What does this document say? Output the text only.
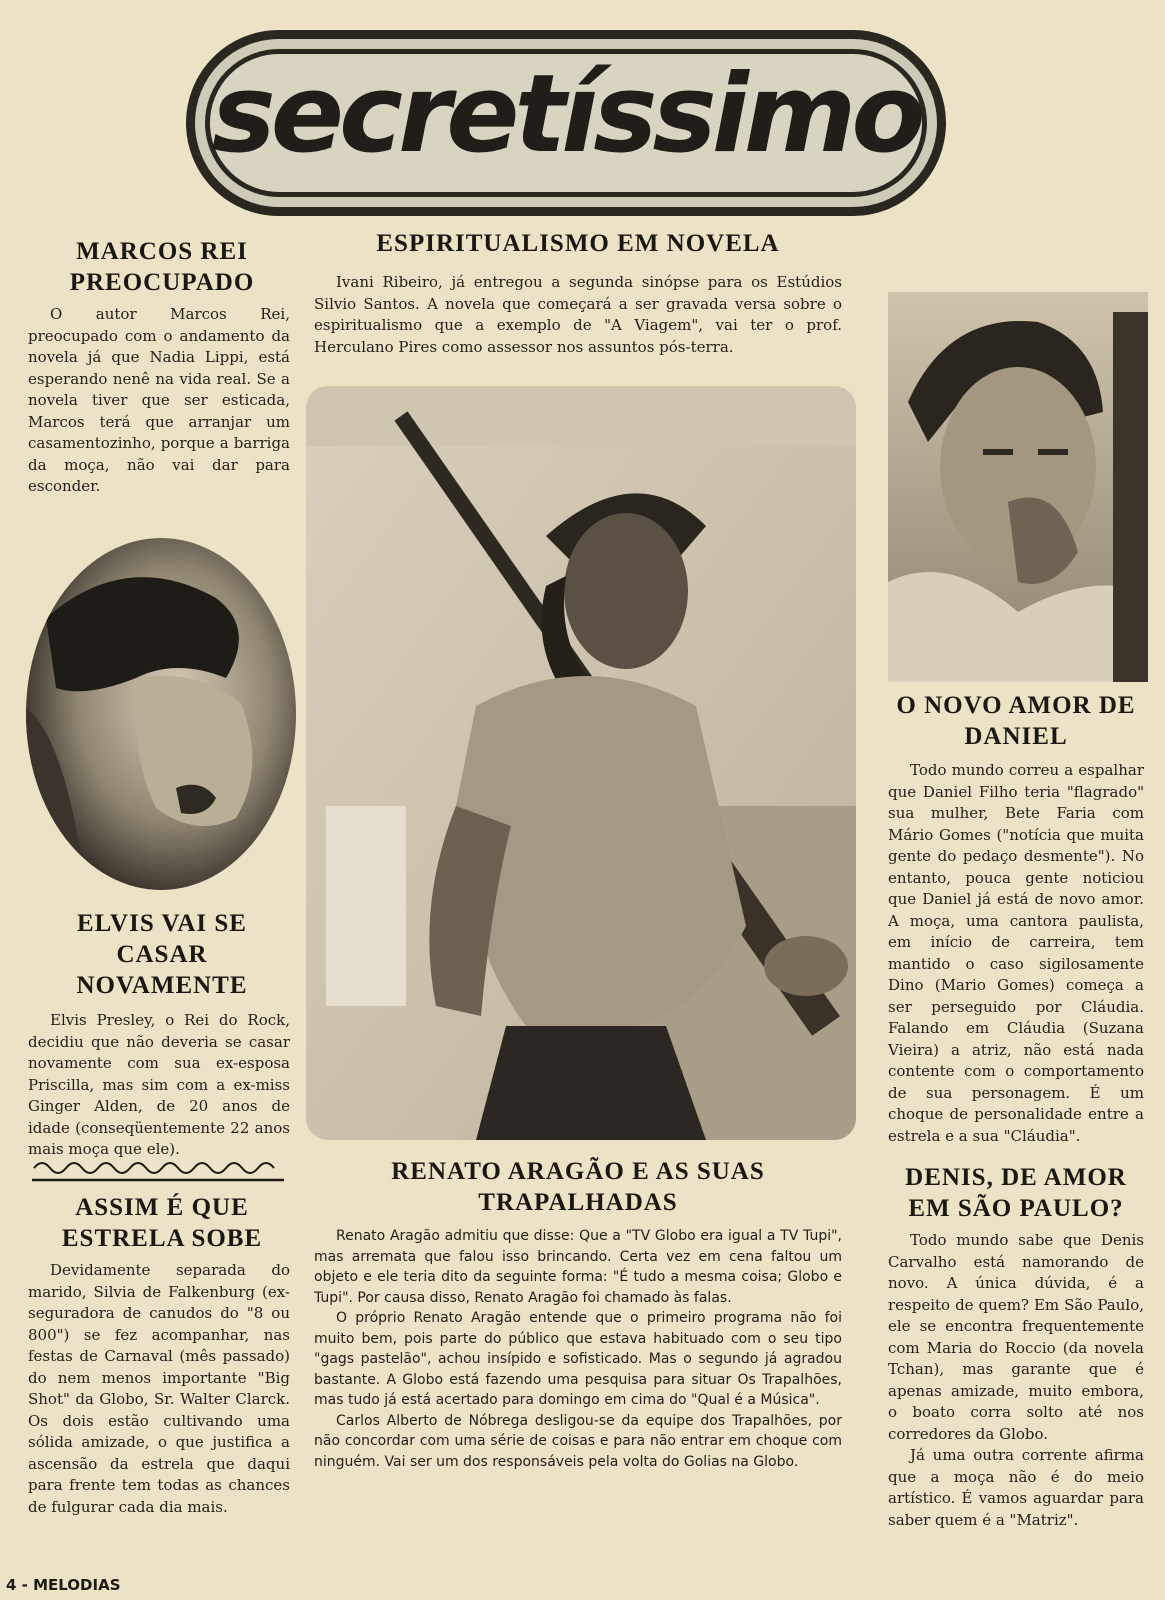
secretíssimo
MARCOS REI PREOCUPADO

O autor Marcos Rei, preocupado com o andamento da novela já que Nadia Lippi, está esperando nenê na vida real. Se a novela tiver que ser esticada, Marcos terá que arranjar um casamentozinho, porque a barriga da moça, não vai dar para esconder.

ELVIS VAI SE CASAR NOVAMENTE

Elvis Presley, o Rei do Rock, decidiu que não deveria se casar novamente com sua ex-esposa Priscilla, mas sim com a ex-miss Ginger Alden, de 20 anos de idade (conseqüentemente 22 anos mais moça que ele).

ASSIM É QUE ESTRELA SOBE

Devidamente separada do marido, Silvia de Falkenburg (ex-seguradora de canudos do "8 ou 800") se fez acompanhar, nas festas de Carnaval (mês passado) do nem menos importante "Big Shot" da Globo, Sr. Walter Clarck. Os dois estão cultivando uma sólida amizade, o que justifica a ascensão da estrela que daqui para frente tem todas as chances de fulgurar cada dia mais.

ESPIRITUALISMO EM NOVELA

Ivani Ribeiro, já entregou a segunda sinópse para os Estúdios Silvio Santos. A novela que começará a ser gravada versa sobre o espiritualismo que a exemplo de "A Viagem", vai ter o prof. Herculano Pires como assessor nos assuntos pós-terra.

RENATO ARAGÃO E AS SUAS TRAPALHADAS

Renato Aragão admitiu que disse: Que a "TV Globo era igual a TV Tupi", mas arremata que falou isso brincando. Certa vez em cena faltou um objeto e ele teria dito da seguinte forma: "É tudo a mesma coisa; Globo e Tupi". Por causa disso, Renato Aragão foi chamado às falas.

O próprio Renato Aragão entende que o primeiro programa não foi muito bem, pois parte do público que estava habituado com o seu tipo "gags pastelão", achou insípido e sofisticado. Mas o segundo já agradou bastante. A Globo está fazendo uma pesquisa para situar Os Trapalhões, mas tudo já está acertado para domingo em cima do "Qual é a Música".

Carlos Alberto de Nóbrega desligou-se da equipe dos Trapalhões, por não concordar com uma série de coisas e para não entrar em choque com ninguém. Vai ser um dos responsáveis pela volta do Golias na Globo.

O NOVO AMOR DE DANIEL

Todo mundo correu a espalhar que Daniel Filho teria "flagrado" sua mulher, Bete Faria com Mário Gomes ("notícia que muita gente do pedaço desmente"). No entanto, pouca gente noticiou que Daniel já está de novo amor. A moça, uma cantora paulista, em início de carreira, tem mantido o caso sigilosamente Dino (Mario Gomes) começa a ser perseguido por Cláudia. Falando em Cláudia (Suzana Vieira) a atriz, não está nada contente com o comportamento de sua personagem. É um choque de personalidade entre a estrela e a sua "Cláudia".

DENIS, DE AMOR EM SÃO PAULO?

Todo mundo sabe que Denis Carvalho está namorando de novo. A única dúvida, é a respeito de quem? Em São Paulo, ele se encontra frequentemente com Maria do Roccio (da novela Tchan), mas garante que é apenas amizade, muito embora, o boato corra solto até nos corredores da Globo.

Já uma outra corrente afirma que a moça não é do meio artístico. É vamos aguardar para saber quem é a "Matriz".

4 - MELODIAS
